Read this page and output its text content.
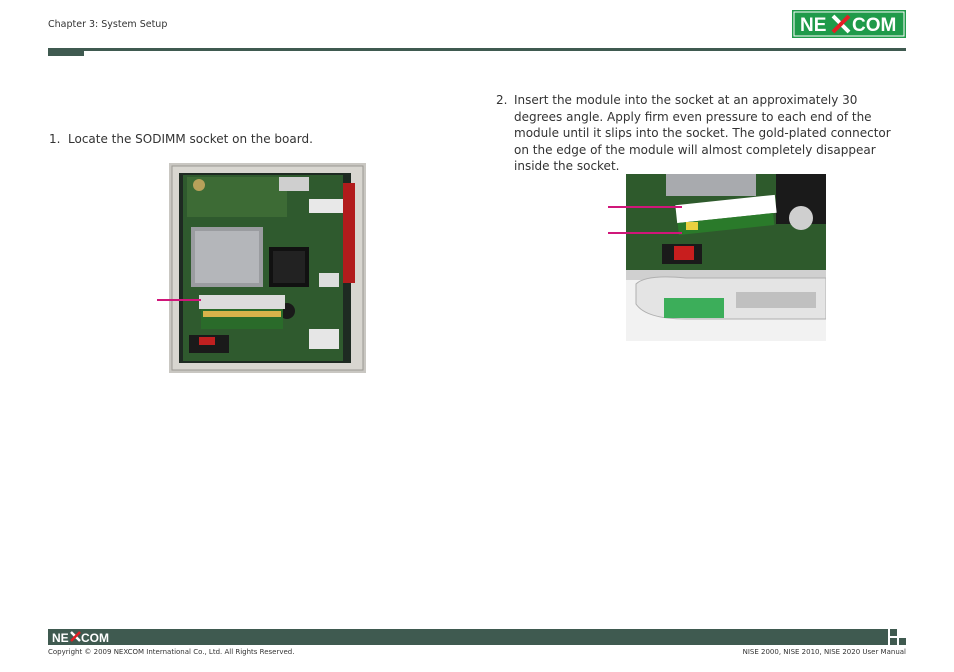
Chapter 3: System Setup	NE COM
1. Locate the SODIMM socket on the board.
2. Insert the module into the socket at an approximately 30 degrees angle. Apply firm even pressure to each end of the module until it slips into the socket. The gold-plated connector on the edge of the module will almost completely disappear inside the socket.
NE COM
Copyright © 2009 NEXCOM International Co., Ltd. All Rights Reserved.	NISE 2000, NISE 2010, NISE 2020 User Manual
